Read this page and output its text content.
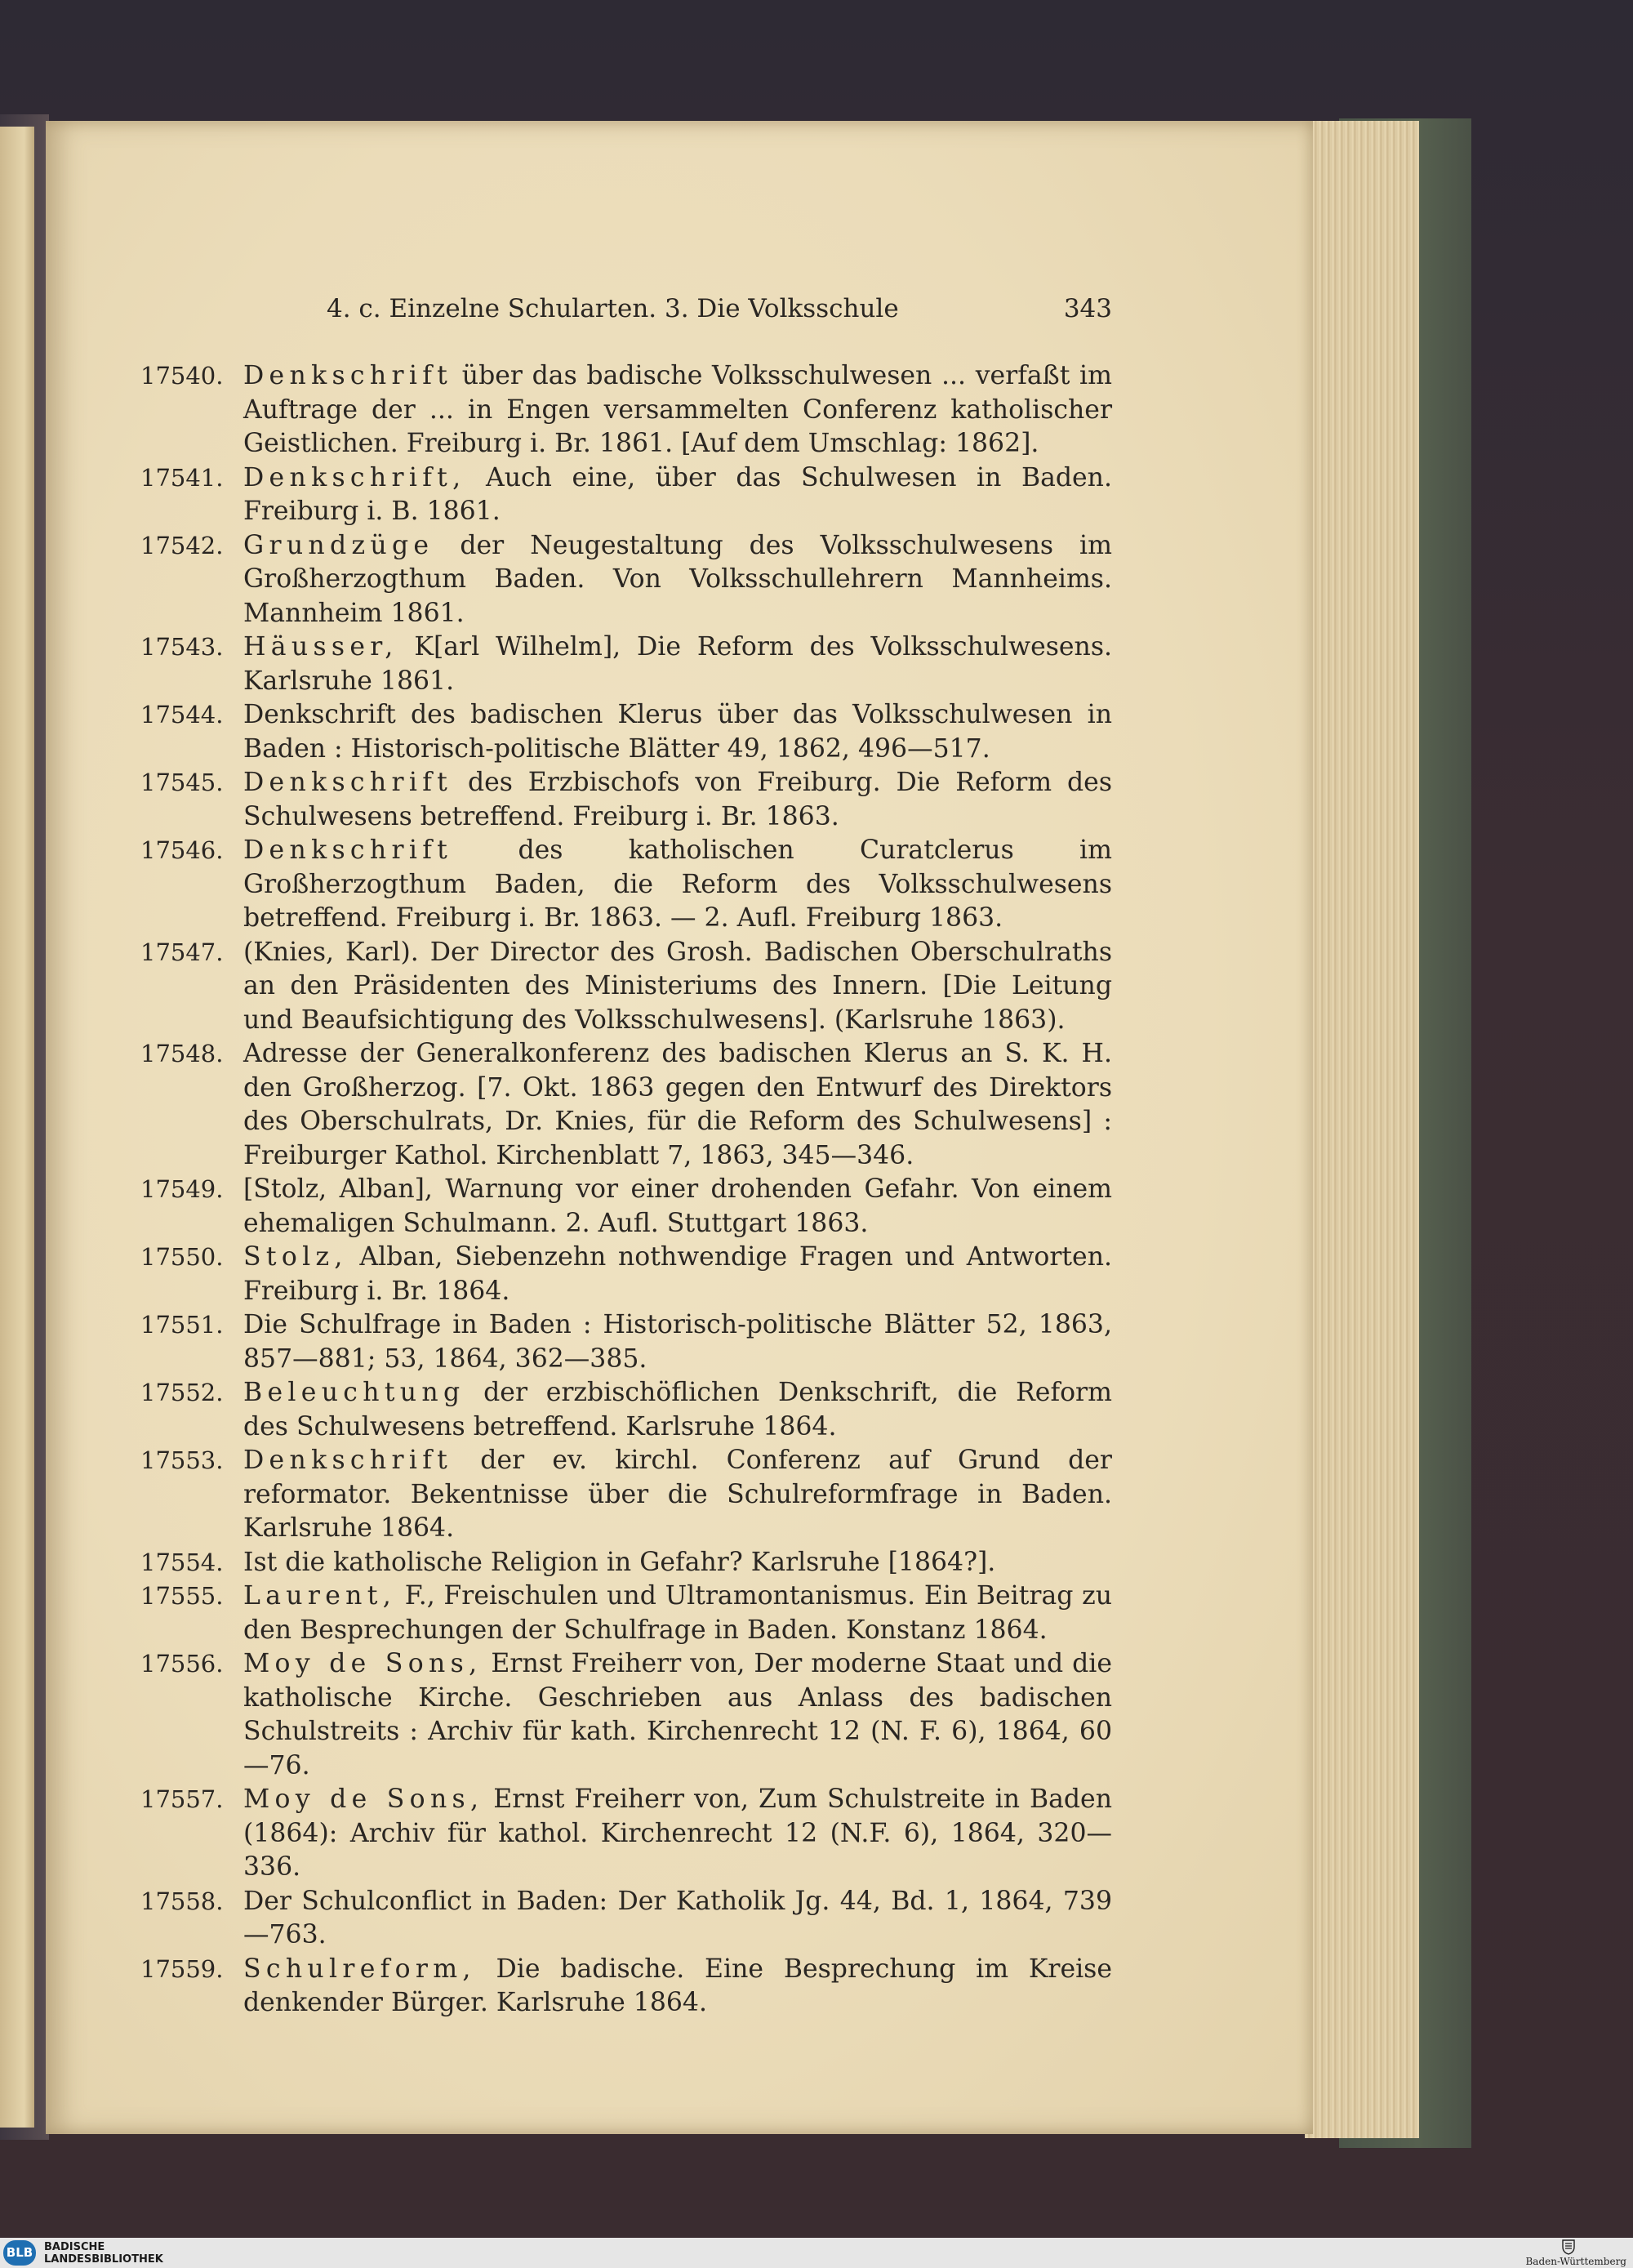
4. c. Einzelne Schularten. 3. Die Volksschule	343
17540. Denkschrift über das badische Volksschulwesen ... verfaßt im Auftrage der ... in Engen versammelten Conferenz katholischer Geistlichen. Freiburg i. Br. 1861. [Auf dem Umschlag: 1862].
17541. Denkschrift, Auch eine, über das Schulwesen in Baden. Freiburg i. B. 1861.
17542. Grundzüge der Neugestaltung des Volksschulwesens im Großherzogthum Baden. Von Volksschullehrern Mannheims. Mannheim 1861.
17543. Häusser, K[arl Wilhelm], Die Reform des Volksschulwesens. Karlsruhe 1861.
17544. Denkschrift des badischen Klerus über das Volksschulwesen in Baden : Historisch-politische Blätter 49, 1862, 496—517.
17545. Denkschrift des Erzbischofs von Freiburg. Die Reform des Schulwesens betreffend. Freiburg i. Br. 1863.
17546. Denkschrift des katholischen Curatclerus im Großherzogthum Baden, die Reform des Volksschulwesens betreffend. Freiburg i. Br. 1863. — 2. Aufl. Freiburg 1863.
17547. (Knies, Karl). Der Director des Grosh. Badischen Oberschulraths an den Präsidenten des Ministeriums des Innern. [Die Leitung und Beaufsichtigung des Volksschulwesens]. (Karlsruhe 1863).
17548. Adresse der Generalkonferenz des badischen Klerus an S. K. H. den Großherzog. [7. Okt. 1863 gegen den Entwurf des Direktors des Oberschulrats, Dr. Knies, für die Reform des Schulwesens] : Freiburger Kathol. Kirchenblatt 7, 1863, 345—346.
17549. [Stolz, Alban], Warnung vor einer drohenden Gefahr. Von einem ehemaligen Schulmann. 2. Aufl. Stuttgart 1863.
17550. Stolz, Alban, Siebenzehn nothwendige Fragen und Antworten. Freiburg i. Br. 1864.
17551. Die Schulfrage in Baden : Historisch-politische Blätter 52, 1863, 857—881; 53, 1864, 362—385.
17552. Beleuchtung der erzbischöflichen Denkschrift, die Reform des Schulwesens betreffend. Karlsruhe 1864.
17553. Denkschrift der ev. kirchl. Conferenz auf Grund der reformator. Bekentnisse über die Schulreformfrage in Baden. Karlsruhe 1864.
17554. Ist die katholische Religion in Gefahr? Karlsruhe [1864?].
17555. Laurent, F., Freischulen und Ultramontanismus. Ein Beitrag zu den Besprechungen der Schulfrage in Baden. Konstanz 1864.
17556. Moy de Sons, Ernst Freiherr von, Der moderne Staat und die katholische Kirche. Geschrieben aus Anlass des badischen Schulstreits : Archiv für kath. Kirchenrecht 12 (N. F. 6), 1864, 60—76.
17557. Moy de Sons, Ernst Freiherr von, Zum Schulstreite in Baden (1864): Archiv für kathol. Kirchenrecht 12 (N.F. 6), 1864, 320—336.
17558. Der Schulconflict in Baden: Der Katholik Jg. 44, Bd. 1, 1864, 739—763.
17559. Schulreform, Die badische. Eine Besprechung im Kreise denkender Bürger. Karlsruhe 1864.
BLB BADISCHE
LANDESBIBLIOTHEK	Baden-Württemberg
